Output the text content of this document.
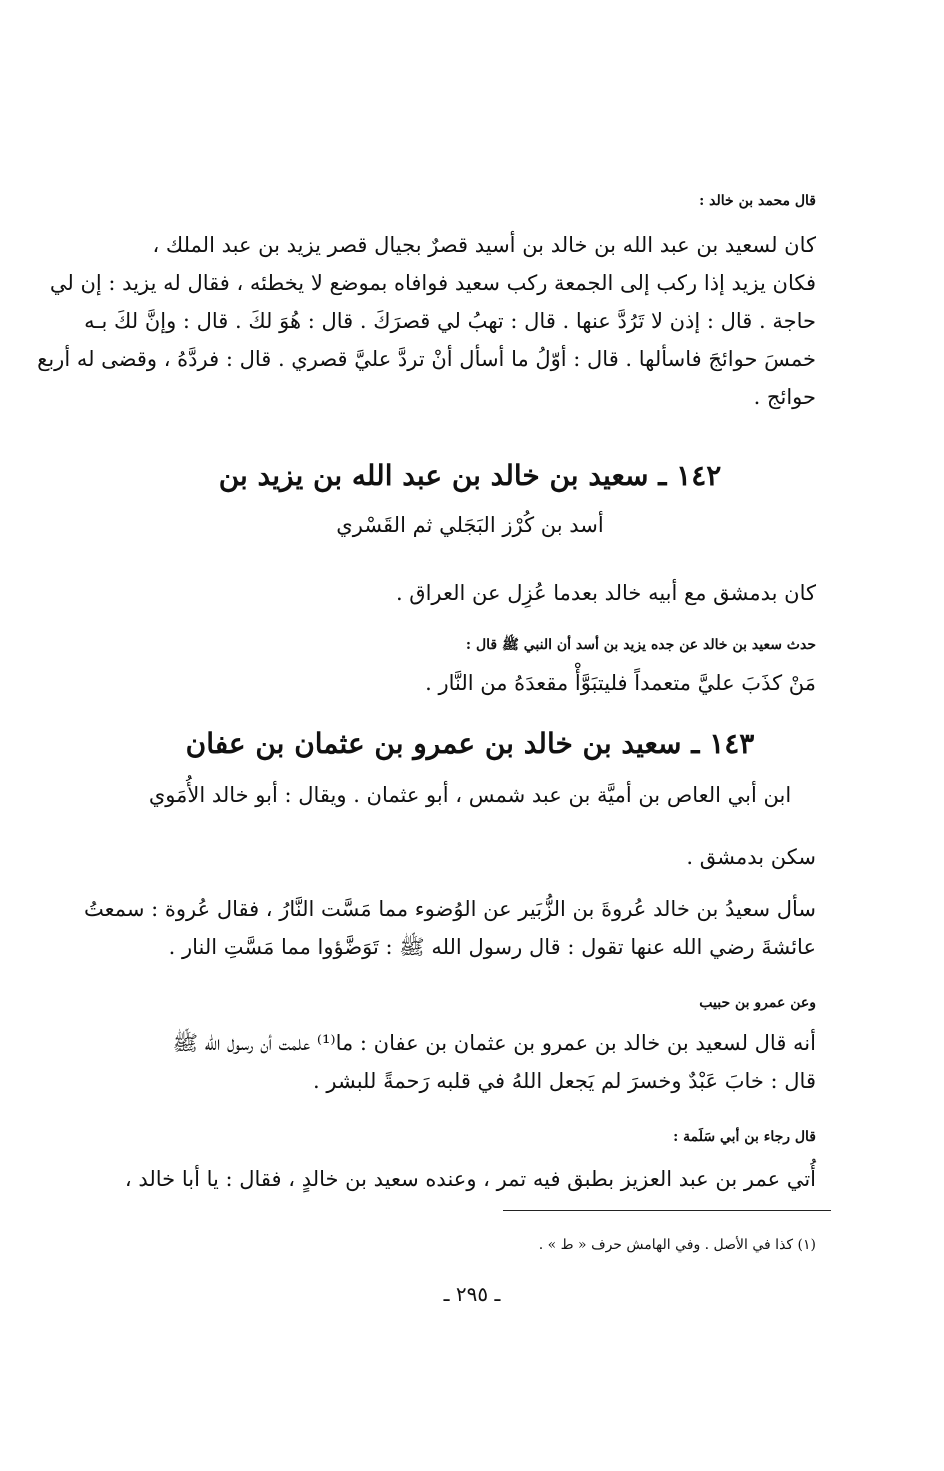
قال محمد بن خالد :
كان لسعيد بن عبد الله بن خالد بن أسيد قصرٌ بجيال قصر يزيد بن عبد الملك ،
فكان يزيد إذا ركب إلى الجمعة ركب سعيد فوافاه بموضع لا يخطئه ، فقال له يزيد : إن لي
حاجة . قال : إذن لا تَرُدَّ عنها . قال : تهبُ لي قصرَكَ . قال : هُوَ لكَ . قال : وإنَّ لكَ بـه
خمسَ حوائجَ فاسألها . قال : أوّلُ ما أسأل أنْ تردَّ عليَّ قصري . قال : فردَّهُ ، وقضى له أربع
حوائج .
١٤٢ ـ سعيد بن خالد بن عبد الله بن يزيد بن
أسد بن كُرْز البَجَلي ثم القَسْري
كان بدمشق مع أبيه خالد بعدما عُزِل عن العراق .
حدث سعيد بن خالد عن جده يزيد بن أسد أن النبي ﷺ قال :
مَنْ كذَبَ عليَّ متعمداً فليتبَوَّأْ مقعدَهُ من النَّار .
١٤٣ ـ سعيد بن خالد بن عمرو بن عثمان بن عفان
ابن أبي العاص بن أميَّة بن عبد شمس ، أبو عثمان . ويقال : أبو خالد الأُمَوي
سكن بدمشق .
سأل سعيدُ بن خالد عُروةَ بن الزُّبَير عن الوُضوء مما مَسَّت النَّارُ ، فقال عُروة : سمعتُ
عائشةَ رضي الله عنها تقول : قال رسول الله ﷺ : تَوَضَّؤوا مما مَسَّتِ النار .
وعن عمرو بن حبيب
أنه قال لسعيد بن خالد بن عمرو بن عثمان بن عفان : ما⁽¹⁾ علمت أن رسول الله ﷺ
قال : خابَ عَبْدٌ وخسرَ لم يَجعل اللهُ في قلبه رَحمةً للبشر .
قال رجاء بن أبي سَلَمة :
أُتي عمر بن عبد العزيز بطبق فيه تمر ، وعنده سعيد بن خالدٍ ، فقال : يا أبا خالد ،
(١) كذا في الأصل . وفي الهامش حرف « ط » .
ـ ٢٩٥ ـ
